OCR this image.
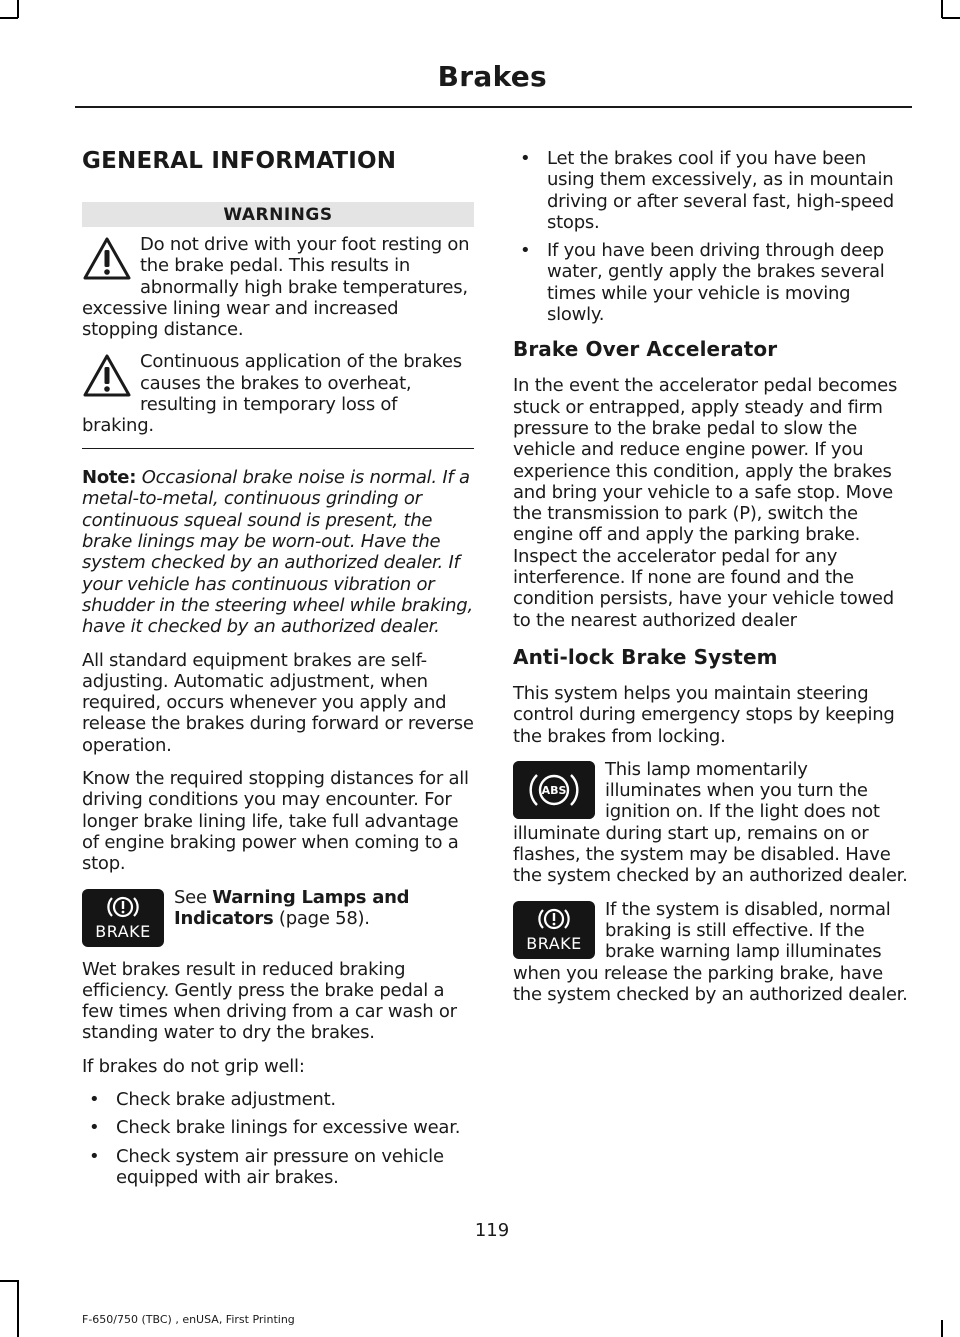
Brakes
GENERAL INFORMATION
WARNINGS

Do not drive with your foot resting on the brake pedal. This results in abnormally high brake temperatures, excessive lining wear and increased stopping distance.

Continuous application of the brakes causes the brakes to overheat, resulting in temporary loss of braking.

Note: Occasional brake noise is normal. If a metal-to-metal, continuous grinding or continuous squeal sound is present, the brake linings may be worn-out. Have the system checked by an authorized dealer. If your vehicle has continuous vibration or shudder in the steering wheel while braking, have it checked by an authorized dealer.

All standard equipment brakes are self-adjusting. Automatic adjustment, when required, occurs whenever you apply and release the brakes during forward or reverse operation.

Know the required stopping distances for all driving conditions you may encounter. For longer brake lining life, take full advantage of engine braking power when coming to a stop.

BRAKE

See Warning Lamps and Indicators (page 58).

Wet brakes result in reduced braking efficiency. Gently press the brake pedal a few times when driving from a car wash or standing water to dry the brakes.

If brakes do not grip well:

• Check brake adjustment.
• Check brake linings for excessive wear.
• Check system air pressure on vehicle equipped with air brakes.
• Let the brakes cool if you have been using them excessively, as in mountain driving or after several fast, high-speed stops.
• If you have been driving through deep water, gently apply the brakes several times while your vehicle is moving slowly.
Brake Over Accelerator

In the event the accelerator pedal becomes stuck or entrapped, apply steady and firm pressure to the brake pedal to slow the vehicle and reduce engine power. If you experience this condition, apply the brakes and bring your vehicle to a safe stop. Move the transmission to park (P), switch the engine off and apply the parking brake. Inspect the accelerator pedal for any interference. If none are found and the condition persists, have your vehicle towed to the nearest authorized dealer

Anti-lock Brake System

This system helps you maintain steering control during emergency stops by keeping the brakes from locking.

ABS

This lamp momentarily illuminates when you turn the ignition on. If the light does not illuminate during start up, remains on or flashes, the system may be disabled. Have the system checked by an authorized dealer.

BRAKE

If the system is disabled, normal braking is still effective. If the brake warning lamp illuminates when you release the parking brake, have the system checked by an authorized dealer.

119
F-650/750 (TBC) , enUSA, First Printing
